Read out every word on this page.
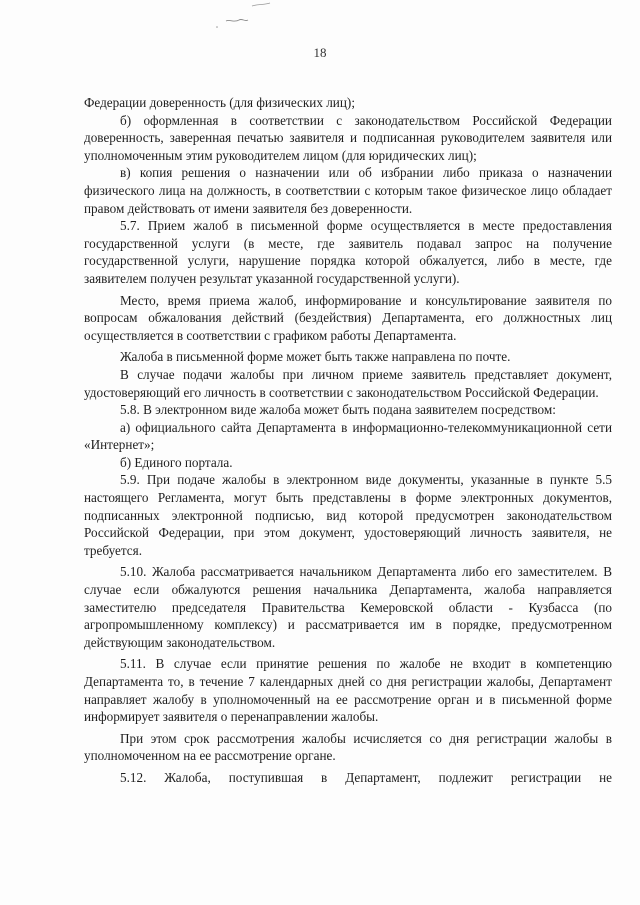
18

Федерации доверенность (для физических лиц);

б) оформленная в соответствии с законодательством Российской Федерации доверенность, заверенная печатью заявителя и подписанная руководителем заявителя или уполномоченным этим руководителем лицом (для юридических лиц);

в) копия решения о назначении или об избрании либо приказа о назначении физического лица на должность, в соответствии с которым такое физическое лицо обладает правом действовать от имени заявителя без доверенности.

5.7. Прием жалоб в письменной форме осуществляется в месте предоставления государственной услуги (в месте, где заявитель подавал запрос на получение государственной услуги, нарушение порядка которой обжалуется, либо в месте, где заявителем получен результат указанной государственной услуги).

Место, время приема жалоб, информирование и консультирование заявителя по вопросам обжалования действий (бездействия) Департамента, его должностных лиц осуществляется в соответствии с графиком работы Департамента.

Жалоба в письменной форме может быть также направлена по почте.

В случае подачи жалобы при личном приеме заявитель представляет документ, удостоверяющий его личность в соответствии с законодательством Российской Федерации.

5.8. В электронном виде жалоба может быть подана заявителем посредством:

а) официального сайта Департамента в информационно-телекоммуникационной сети «Интернет»;

б) Единого портала.

5.9. При подаче жалобы в электронном виде документы, указанные в пункте 5.5 настоящего Регламента, могут быть представлены в форме электронных документов, подписанных электронной подписью, вид которой предусмотрен законодательством Российской Федерации, при этом документ, удостоверяющий личность заявителя, не требуется.

5.10. Жалоба рассматривается начальником Департамента либо его заместителем. В случае если обжалуются решения начальника Департамента, жалоба направляется заместителю председателя Правительства Кемеровской области - Кузбасса (по агропромышленному комплексу) и рассматривается им в порядке, предусмотренном действующим законодательством.

5.11. В случае если принятие решения по жалобе не входит в компетенцию Департамента то, в течение 7 календарных дней со дня регистрации жалобы, Департамент направляет жалобу в уполномоченный на ее рассмотрение орган и в письменной форме информирует заявителя о перенаправлении жалобы.

При этом срок рассмотрения жалобы исчисляется со дня регистрации жалобы в уполномоченном на ее рассмотрение органе.

5.12. Жалоба, поступившая в Департамент, подлежит регистрации не
